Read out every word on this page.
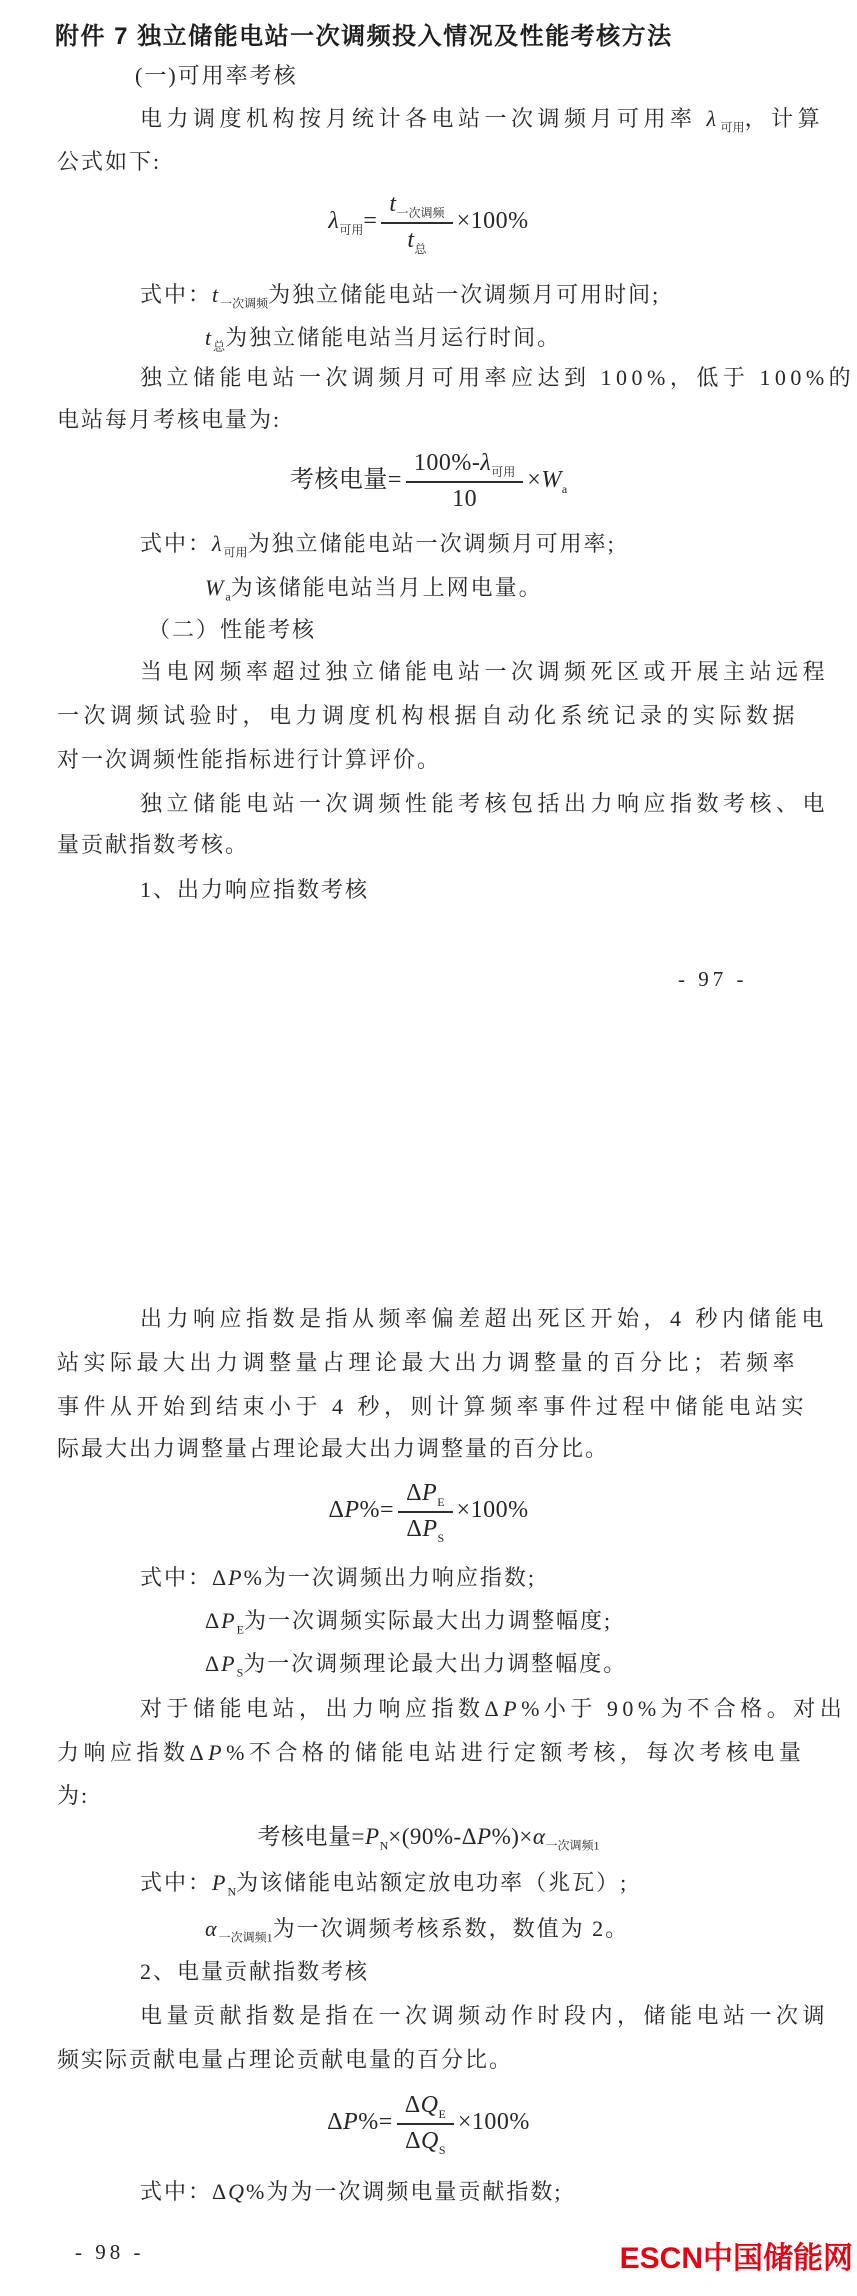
附件 7 独立储能电站一次调频投入情况及性能考核方法
(一)可用率考核
电力调度机构按月统计各电站一次调频月可用率 $\lambda_{可用}$，计算
公式如下:
$\lambda_{可用}= \frac{t_{一次调频}}{t_总} \times 100\%$
式中：$t_{一次调频}$为独立储能电站一次调频月可用时间;
$t_总$为独立储能电站当月运行时间。
独立储能电站一次调频月可用率应达到 100%，低于 100%的
电站每月考核电量为:
考核电量= $\frac{100\%-\lambda_{可用}}{10} \times W_a$
式中：$\lambda_{可用}$为独立储能电站一次调频月可用率;
$W_a$为该储能电站当月上网电量。
（二）性能考核
当电网频率超过独立储能电站一次调频死区或开展主站远程
一次调频试验时，电力调度机构根据自动化系统记录的实际数据
对一次调频性能指标进行计算评价。
独立储能电站一次调频性能考核包括出力响应指数考核、电
量贡献指数考核。
1、出力响应指数考核
- 97 -
出力响应指数是指从频率偏差超出死区开始，4 秒内储能电
站实际最大出力调整量占理论最大出力调整量的百分比；若频率
事件从开始到结束小于 4 秒，则计算频率事件过程中储能电站实
际最大出力调整量占理论最大出力调整量的百分比。
$\Delta P\%= \frac{\Delta P_E}{\Delta P_S} \times 100\%$
式中：ΔP%为一次调频出力响应指数;
$\Delta P_E$为一次调频实际最大出力调整幅度;
$\Delta P_S$为一次调频理论最大出力调整幅度。
对于储能电站，出力响应指数ΔP%小于 90%为不合格。对出
力响应指数ΔP%不合格的储能电站进行定额考核，每次考核电量
为:
考核电量$=P_N\times(90\%-\Delta P\%)\times\alpha_{一次调频1}$
式中：$P_N$为该储能电站额定放电功率（兆瓦）;
$\alpha_{一次调频1}$为一次调频考核系数，数值为 2。
2、电量贡献指数考核
电量贡献指数是指在一次调频动作时段内，储能电站一次调
频实际贡献电量占理论贡献电量的百分比。
$\Delta P\%= \frac{\Delta Q_E}{\Delta Q_S} \times 100\%$
式中：ΔQ%为为一次调频电量贡献指数;
- 98 -	ESCN中国储能网
